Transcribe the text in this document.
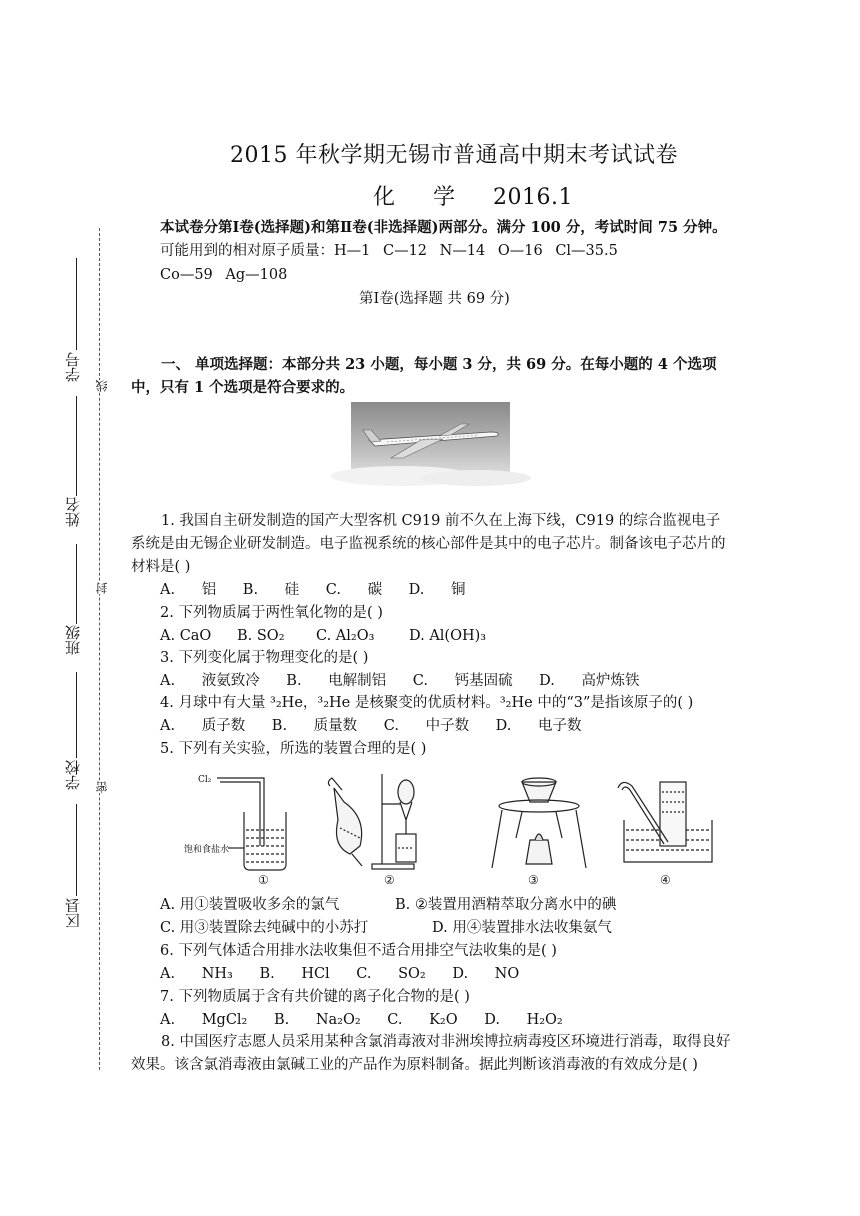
学号
姓名
班级
学校
区县
线
封
密
2015 年秋学期无锡市普通高中期末考试试卷
化 学 2016.1
本试卷分第Ⅰ卷(选择题)和第Ⅱ卷(非选择题)两部分。满分 100 分，考试时间 75 分钟。
可能用到的相对原子质量：H—1 C—12 N—14 O—16 Cl—35.5
Co—59 Ag—108
第Ⅰ卷(选择题 共 69 分)
一、 单项选择题：本部分共 23 小题，每小题 3 分，共 69 分。在每小题的 4 个选项中，只有 1 个选项是符合要求的。
1. 我国自主研发制造的国产大型客机 C919 前不久在上海下线，C919 的综合监视电子系统是由无锡企业研发制造。电子监视系统的核心部件是其中的电子芯片。制备该电子芯片的材料是( )
A. 铝 B. 硅 C. 碳 D. 铜
2. 下列物质属于两性氧化物的是( )
A. CaO B. SO₂ C. Al₂O₃ D. Al(OH)₃
3. 下列变化属于物理变化的是( )
A. 液氨致冷 B. 电解制铝 C. 钙基固硫 D. 高炉炼铁
4. 月球中有大量 ³₂He，³₂He 是核聚变的优质材料。³₂He 中的“3”是指该原子的( )
A. 质子数 B. 质量数 C. 中子数 D. 电子数
5. 下列有关实验，所选的装置合理的是( )
Cl₂
饱和食盐水
①	②	③	④
A. 用①装置吸收多余的氯气	B. ②装置用酒精萃取分离水中的碘
C. 用③装置除去纯碱中的小苏打	D. 用④装置排水法收集氨气
6. 下列气体适合用排水法收集但不适合用排空气法收集的是( )
A. NH₃ B. HCl C. SO₂ D. NO
7. 下列物质属于含有共价键的离子化合物的是( )
A. MgCl₂ B. Na₂O₂ C. K₂O D. H₂O₂
8. 中国医疗志愿人员采用某种含氯消毒液对非洲埃博拉病毒疫区环境进行消毒，取得良好效果。该含氯消毒液由氯碱工业的产品作为原料制备。据此判断该消毒液的有效成分是( )
